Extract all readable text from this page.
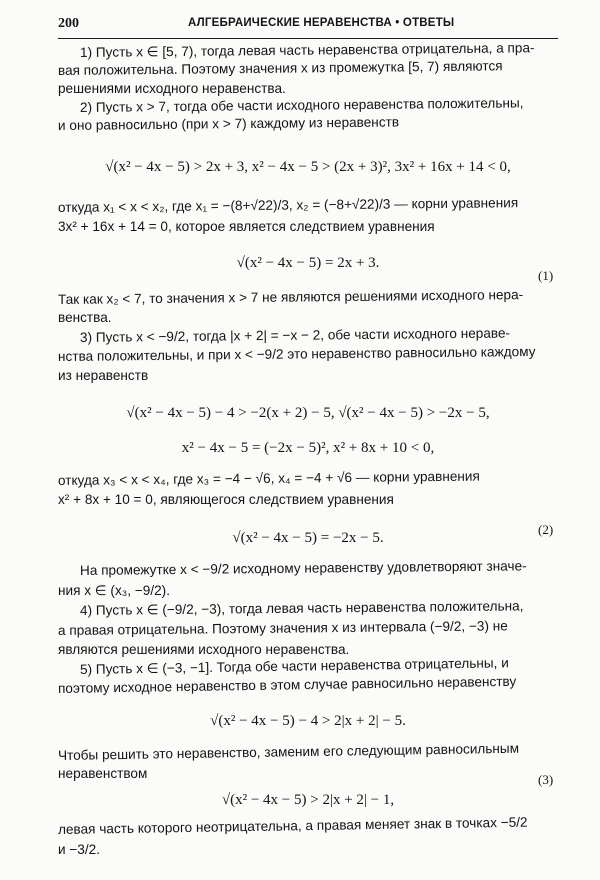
200	АЛГЕБРАИЧЕСКИЕ НЕРАВЕНСТВА • ОТВЕТЫ
1) Пусть x ∈ [5, 7), тогда левая часть неравенства отрицательна, а пра-
вая положительна. Поэтому значения x из промежутка [5, 7) являются
решениями исходного неравенства.
2) Пусть x > 7, тогда обе части исходного неравенства положительны,
и оно равносильно (при x > 7) каждому из неравенств
√(x² − 4x − 5) > 2x + 3, x² − 4x − 5 > (2x + 3)², 3x² + 16x + 14 < 0,
откуда x₁ < x < x₂, где x₁ = −(8+√22)/3, x₂ = (−8+√22)/3 — корни уравнения
3x² + 16x + 14 = 0, которое является следствием уравнения
√(x² − 4x − 5) = 2x + 3.
(1)
Так как x₂ < 7, то значения x > 7 не являются решениями исходного нера-
венства.
3) Пусть x < −9/2, тогда |x + 2| = −x − 2, обе части исходного нераве-
нства положительны, и при x < −9/2 это неравенство равносильно каждому
из неравенств
√(x² − 4x − 5) − 4 > −2(x + 2) − 5, √(x² − 4x − 5) > −2x − 5,
x² − 4x − 5 = (−2x − 5)², x² + 8x + 10 < 0,
откуда x₃ < x < x₄, где x₃ = −4 − √6, x₄ = −4 + √6 — корни уравнения
x² + 8x + 10 = 0, являющегося следствием уравнения
√(x² − 4x − 5) = −2x − 5.
(2)
На промежутке x < −9/2 исходному неравенству удовлетворяют значе-
ния x ∈ (x₃, −9/2).
4) Пусть x ∈ (−9/2, −3), тогда левая часть неравенства положительна,
а правая отрицательна. Поэтому значения x из интервала (−9/2, −3) не
являются решениями исходного неравенства.
5) Пусть x ∈ (−3, −1]. Тогда обе части неравенства отрицательны, и
поэтому исходное неравенство в этом случае равносильно неравенству
√(x² − 4x − 5) − 4 > 2|x + 2| − 5.
Чтобы решить это неравенство, заменим его следующим равносильным
неравенством	(3)
√(x² − 4x − 5) > 2|x + 2| − 1,
левая часть которого неотрицательна, а правая меняет знак в точках −5/2
и −3/2.
